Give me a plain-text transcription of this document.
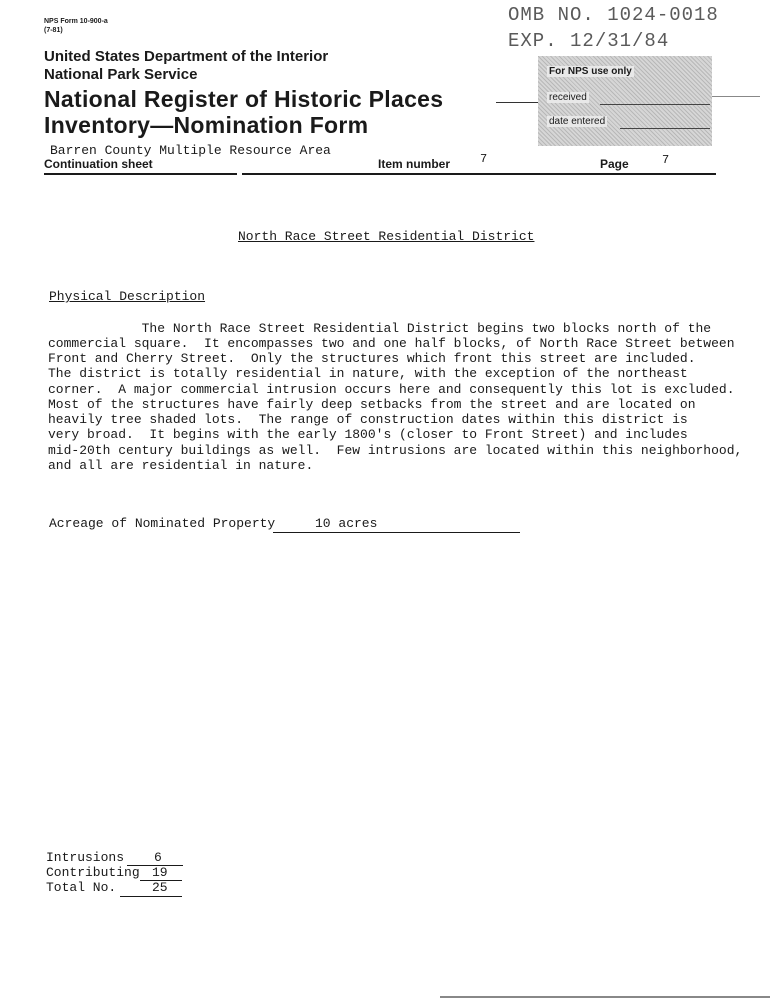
NPS Form 10-900-a
(7-81)
OMB NO. 1024-0018
EXP. 12/31/84
United States Department of the Interior
National Park Service
National Register of Historic Places
Inventory—Nomination Form
For NPS use only
received
date entered
Barren County Multiple Resource Area
Continuation sheet	Item number 7	Page	7
North Race Street Residential District
Physical Description
The North Race Street Residential District begins two blocks north of the
commercial square.  It encompasses two and one half blocks, of North Race Street between
Front and Cherry Street.  Only the structures which front this street are included.
The district is totally residential in nature, with the exception of the northeast
corner.  A major commercial intrusion occurs here and consequently this lot is excluded.
Most of the structures have fairly deep setbacks from the street and are located on
heavily tree shaded lots.  The range of construction dates within this district is
very broad.  It begins with the early 1800's (closer to Front Street) and includes
mid-20th century buildings as well.  Few intrusions are located within this neighborhood,
and all are residential in nature.
Acreage of Nominated Property	10 acres
Intrusions 6
Contributing 19
Total No.	25
